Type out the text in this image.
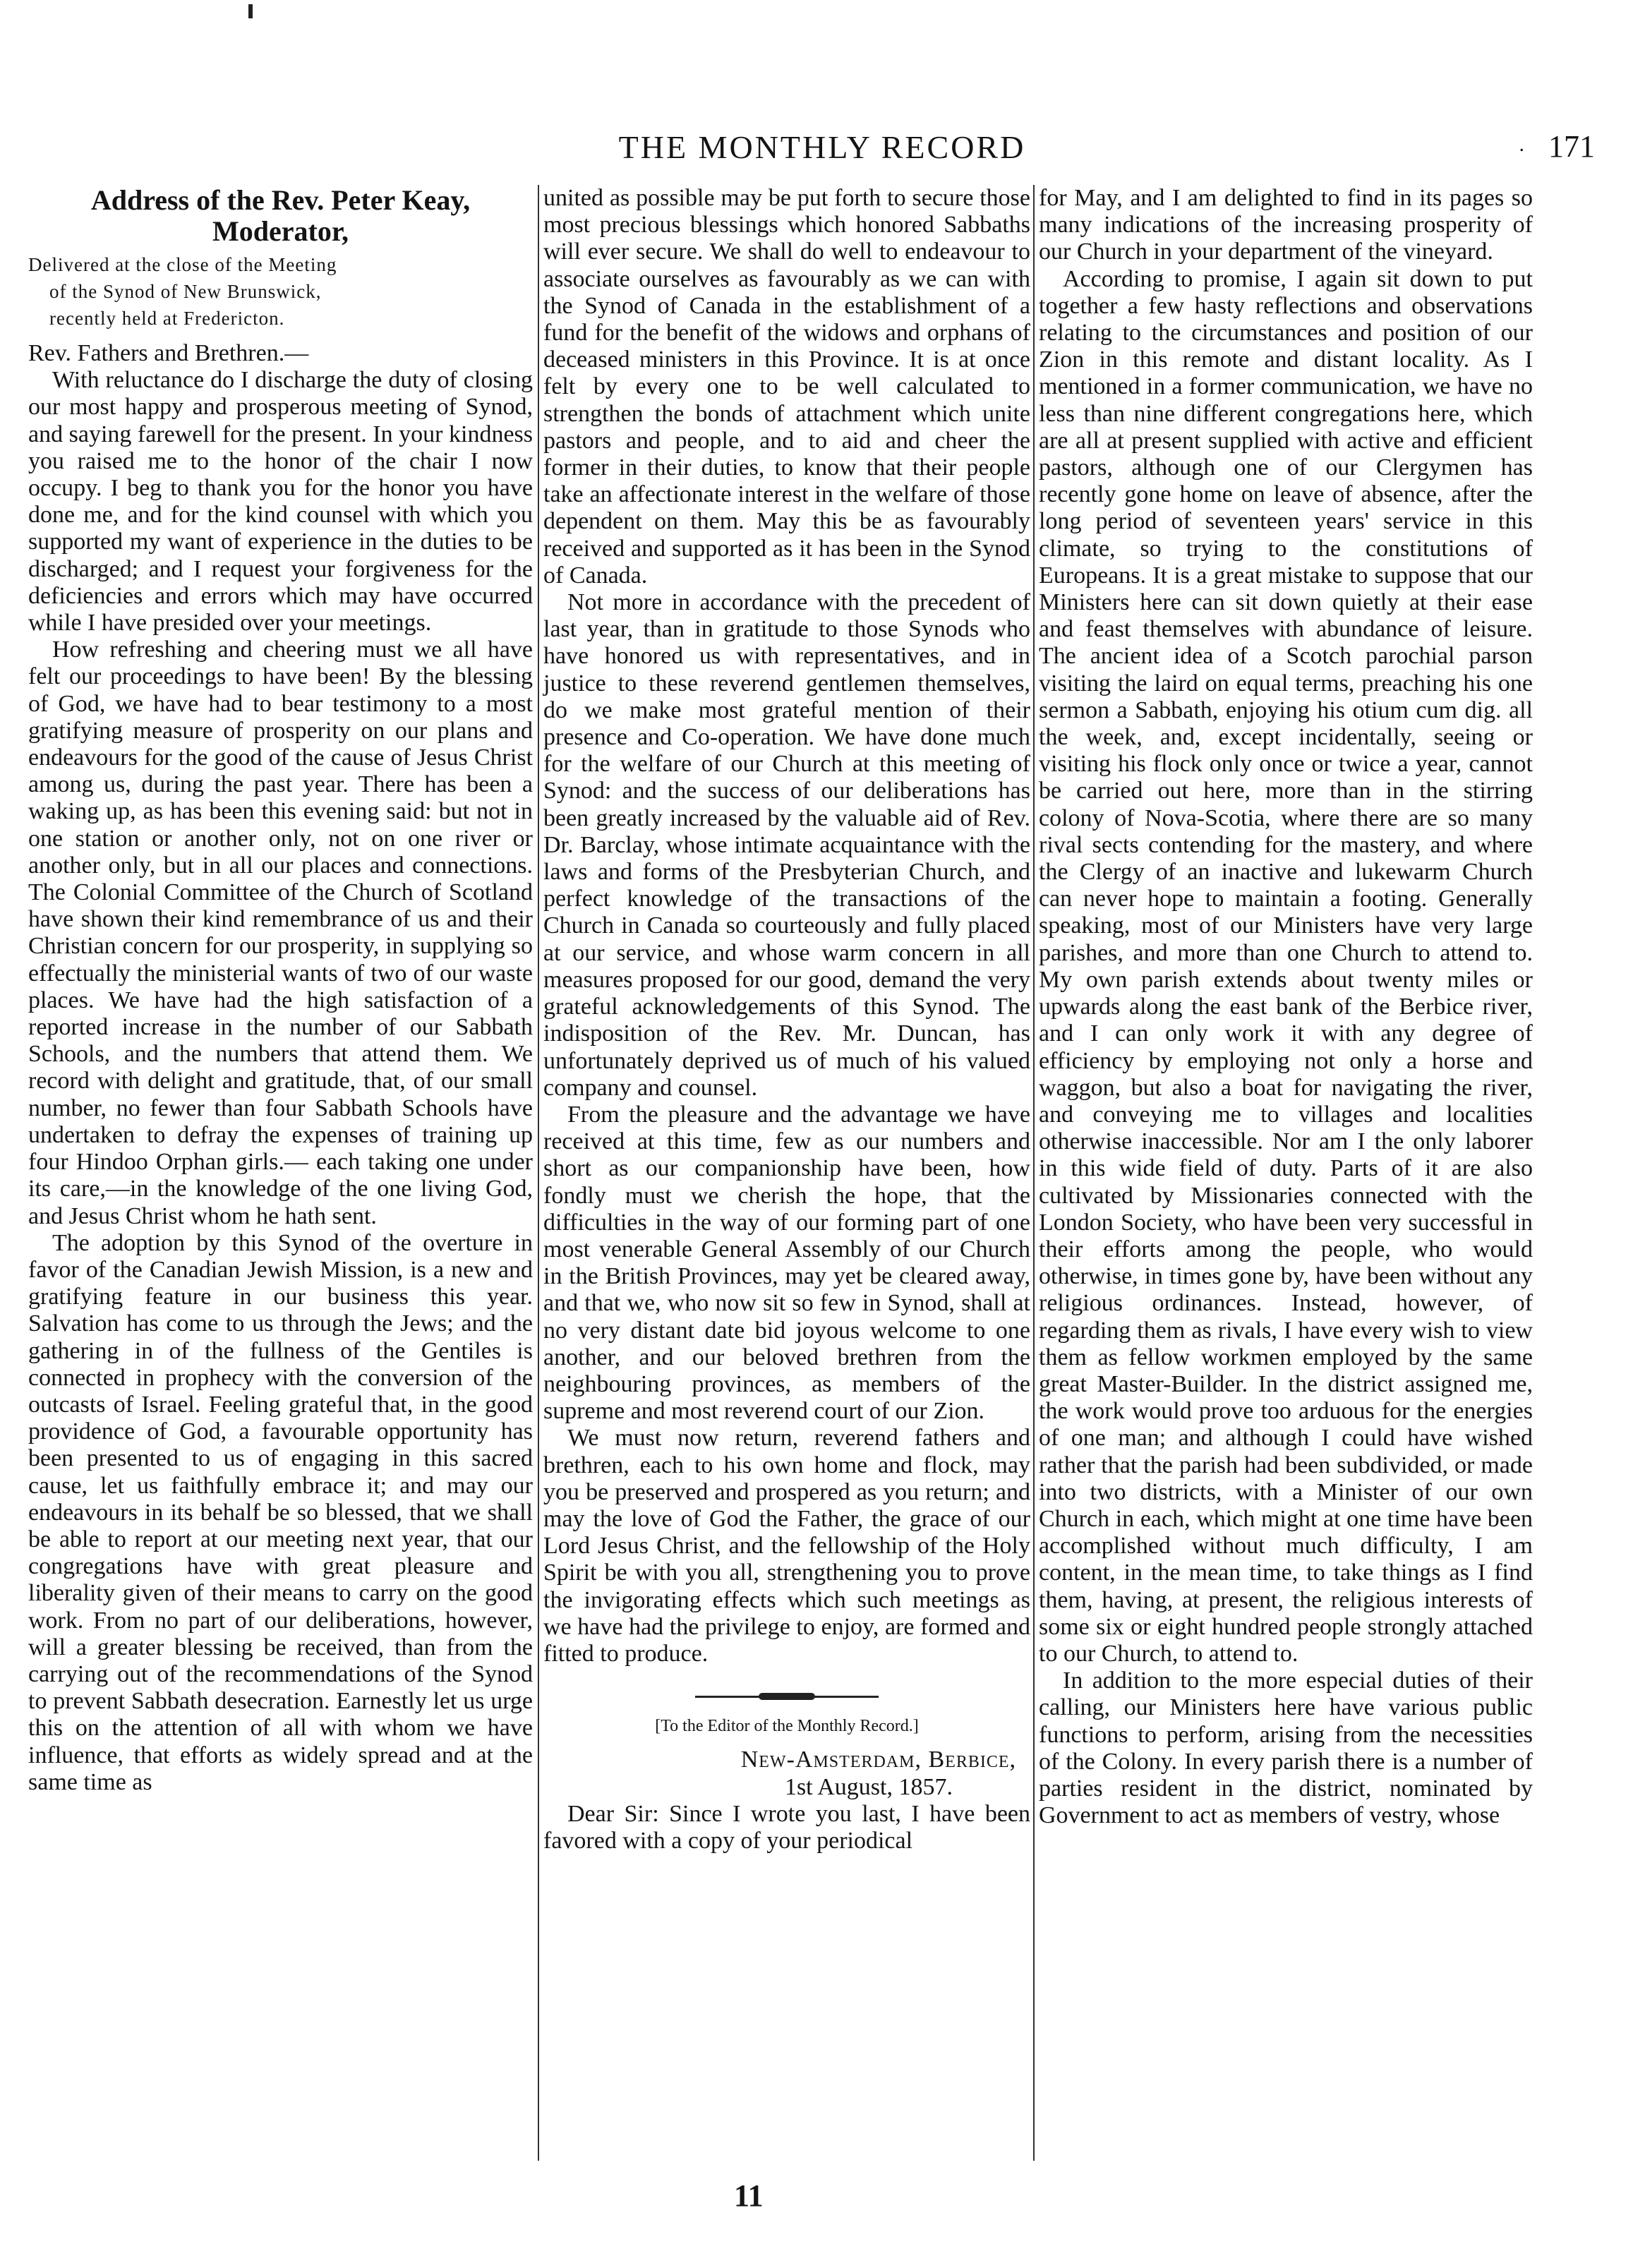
THE MONTHLY RECORD	. 171
Address of the Rev. Peter Keay,
Moderator,
Delivered at the close of the Meeting
of the Synod of New Brunswick,
recently held at Fredericton.

Rev. Fathers and Brethren.—

With reluctance do I discharge the duty of closing our most happy and prosperous meeting of Synod, and saying farewell for the present. In your kindness you raised me to the honor of the chair I now occupy. I beg to thank you for the honor you have done me, and for the kind counsel with which you supported my want of experience in the duties to be discharged; and I request your forgiveness for the deficiencies and errors which may have occurred while I have presided over your meetings.

How refreshing and cheering must we all have felt our proceedings to have been! By the blessing of God, we have had to bear testimony to a most gratifying measure of prosperity on our plans and endeavours for the good of the cause of Jesus Christ among us, during the past year. There has been a waking up, as has been this evening said: but not in one station or another only, not on one river or another only, but in all our places and connections. The Colonial Committee of the Church of Scotland have shown their kind remembrance of us and their Christian concern for our prosperity, in supplying so effectually the ministerial wants of two of our waste places. We have had the high satisfaction of a reported increase in the number of our Sabbath Schools, and the numbers that attend them. We record with delight and gratitude, that, of our small number, no fewer than four Sabbath Schools have undertaken to defray the expenses of training up four Hindoo Orphan girls.— each taking one under its care,—in the knowledge of the one living God, and Jesus Christ whom he hath sent.

The adoption by this Synod of the overture in favor of the Canadian Jewish Mission, is a new and gratifying feature in our business this year. Salvation has come to us through the Jews; and the gathering in of the fullness of the Gentiles is connected in prophecy with the conversion of the outcasts of Israel. Feeling grateful that, in the good providence of God, a favourable opportunity has been presented to us of engaging in this sacred cause, let us faithfully embrace it; and may our endeavours in its behalf be so blessed, that we shall be able to report at our meeting next year, that our congregations have with great pleasure and liberality given of their means to carry on the good work. From no part of our deliberations, however, will a greater blessing be received, than from the carrying out of the recommendations of the Synod to prevent Sabbath desecration. Earnestly let us urge this on the attention of all with whom we have influence, that efforts as widely spread and at the same time as

united as possible may be put forth to secure those most precious blessings which honored Sabbaths will ever secure. We shall do well to endeavour to associate ourselves as favourably as we can with the Synod of Canada in the establishment of a fund for the benefit of the widows and orphans of deceased ministers in this Province. It is at once felt by every one to be well calculated to strengthen the bonds of attachment which unite pastors and people, and to aid and cheer the former in their duties, to know that their people take an affectionate interest in the welfare of those dependent on them. May this be as favourably received and supported as it has been in the Synod of Canada.

Not more in accordance with the precedent of last year, than in gratitude to those Synods who have honored us with representatives, and in justice to these reverend gentlemen themselves, do we make most grateful mention of their presence and Co-operation. We have done much for the welfare of our Church at this meeting of Synod: and the success of our deliberations has been greatly increased by the valuable aid of Rev. Dr. Barclay, whose intimate acquaintance with the laws and forms of the Presbyterian Church, and perfect knowledge of the transactions of the Church in Canada so courteously and fully placed at our service, and whose warm concern in all measures proposed for our good, demand the very grateful acknowledgements of this Synod. The indisposition of the Rev. Mr. Duncan, has unfortunately deprived us of much of his valued company and counsel.

From the pleasure and the advantage we have received at this time, few as our numbers and short as our companionship have been, how fondly must we cherish the hope, that the difficulties in the way of our forming part of one most venerable General Assembly of our Church in the British Provinces, may yet be cleared away, and that we, who now sit so few in Synod, shall at no very distant date bid joyous welcome to one another, and our beloved brethren from the neighbouring provinces, as members of the supreme and most reverend court of our Zion.

We must now return, reverend fathers and brethren, each to his own home and flock, may you be preserved and prospered as you return; and may the love of God the Father, the grace of our Lord Jesus Christ, and the fellowship of the Holy Spirit be with you all, strengthening you to prove the invigorating effects which such meetings as we have had the privilege to enjoy, are formed and fitted to produce.

[To the Editor of the Monthly Record.]

New-Amsterdam, Berbice,

1st August, 1857.

Dear Sir: Since I wrote you last, I have been favored with a copy of your periodical

for May, and I am delighted to find in its pages so many indications of the increasing prosperity of our Church in your department of the vineyard.

According to promise, I again sit down to put together a few hasty reflections and observations relating to the circumstances and position of our Zion in this remote and distant locality. As I mentioned in a former communication, we have no less than nine different congregations here, which are all at present supplied with active and efficient pastors, although one of our Clergymen has recently gone home on leave of absence, after the long period of seventeen years' service in this climate, so trying to the constitutions of Europeans. It is a great mistake to suppose that our Ministers here can sit down quietly at their ease and feast themselves with abundance of leisure. The ancient idea of a Scotch parochial parson visiting the laird on equal terms, preaching his one sermon a Sabbath, enjoying his otium cum dig. all the week, and, except incidentally, seeing or visiting his flock only once or twice a year, cannot be carried out here, more than in the stirring colony of Nova-Scotia, where there are so many rival sects contending for the mastery, and where the Clergy of an inactive and lukewarm Church can never hope to maintain a footing. Generally speaking, most of our Ministers have very large parishes, and more than one Church to attend to. My own parish extends about twenty miles or upwards along the east bank of the Berbice river, and I can only work it with any degree of efficiency by employing not only a horse and waggon, but also a boat for navigating the river, and conveying me to villages and localities otherwise inaccessible. Nor am I the only laborer in this wide field of duty. Parts of it are also cultivated by Missionaries connected with the London Society, who have been very successful in their efforts among the people, who would otherwise, in times gone by, have been without any religious ordinances. Instead, however, of regarding them as rivals, I have every wish to view them as fellow workmen employed by the same great Master-Builder. In the district assigned me, the work would prove too arduous for the energies of one man; and although I could have wished rather that the parish had been subdivided, or made into two districts, with a Minister of our own Church in each, which might at one time have been accomplished without much difficulty, I am content, in the mean time, to take things as I find them, having, at present, the religious interests of some six or eight hundred people strongly attached to our Church, to attend to.

In addition to the more especial duties of their calling, our Ministers here have various public functions to perform, arising from the necessities of the Colony. In every parish there is a number of parties resident in the district, nominated by Government to act as members of vestry, whose

11
